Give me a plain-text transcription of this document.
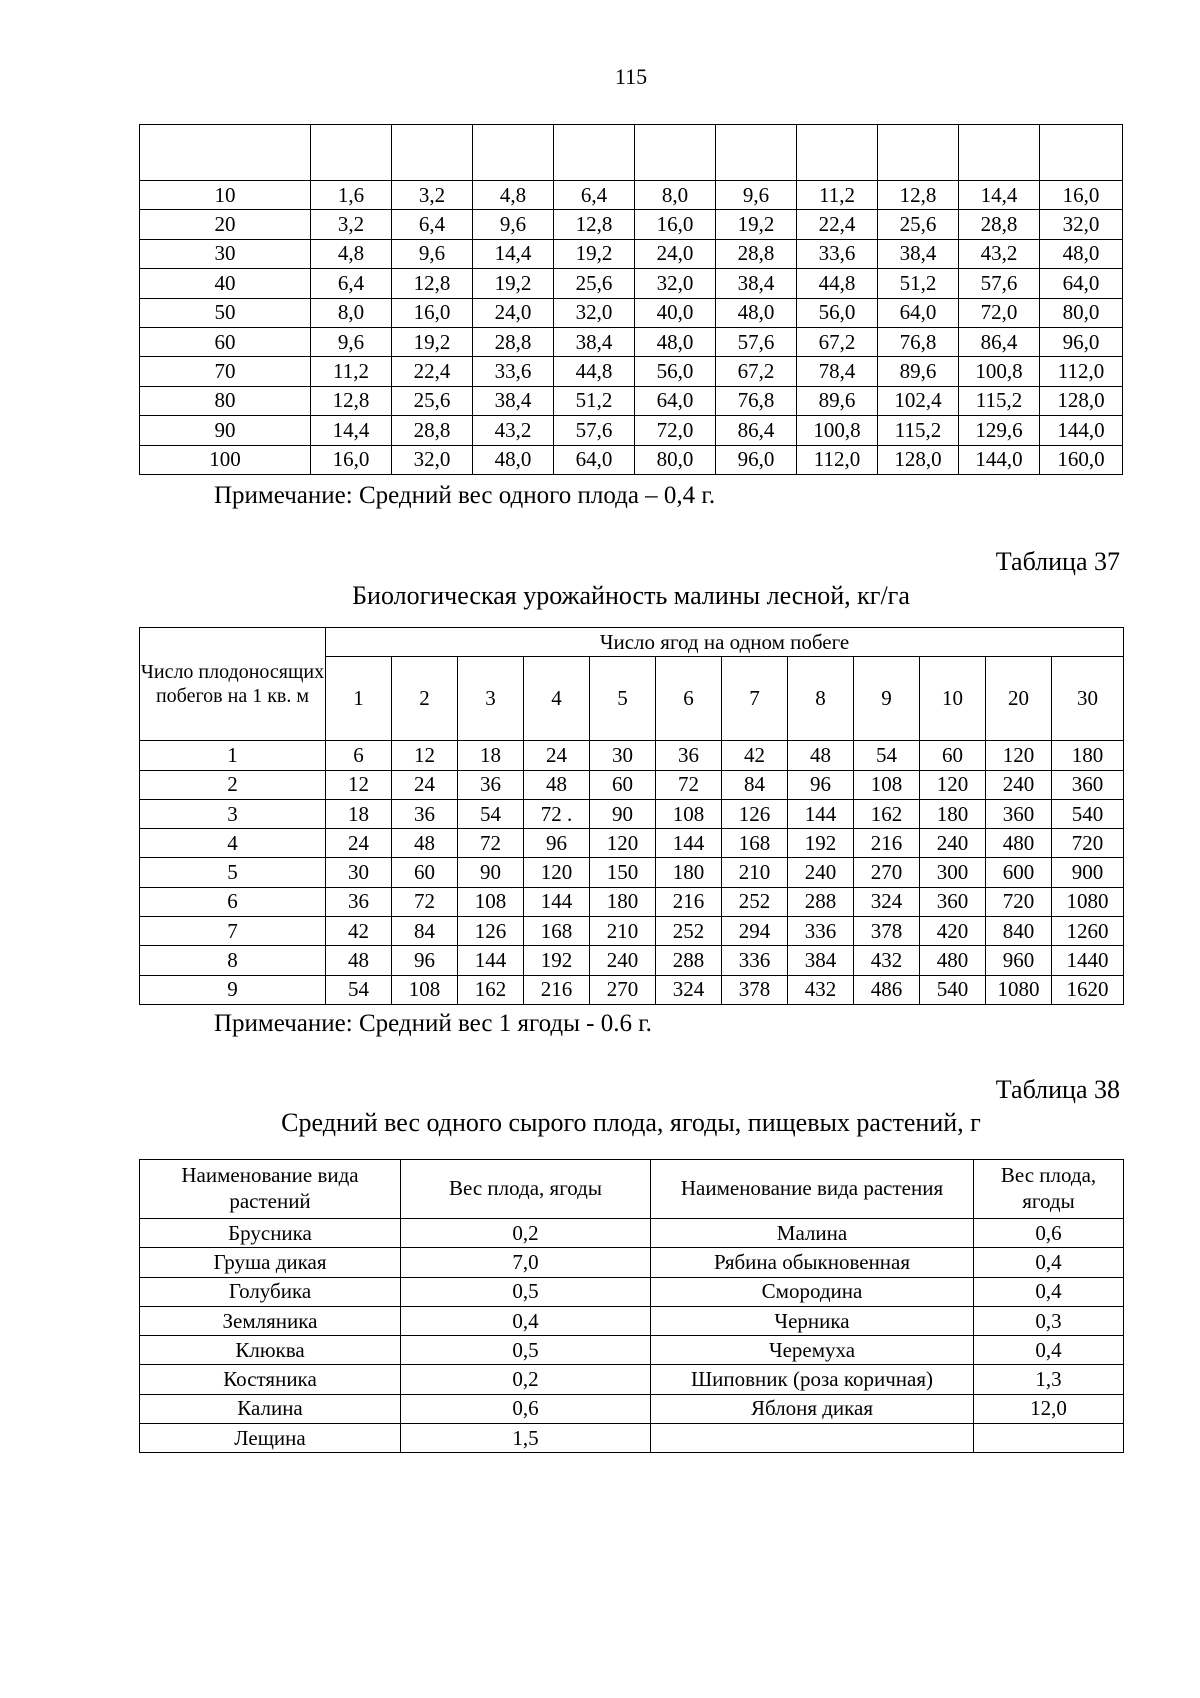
115

10	1,6	3,2	4,8	6,4	8,0	9,6	11,2	12,8	14,4	16,0
20	3,2	6,4	9,6	12,8	16,0	19,2	22,4	25,6	28,8	32,0
30	4,8	9,6	14,4	19,2	24,0	28,8	33,6	38,4	43,2	48,0
40	6,4	12,8	19,2	25,6	32,0	38,4	44,8	51,2	57,6	64,0
50	8,0	16,0	24,0	32,0	40,0	48,0	56,0	64,0	72,0	80,0
60	9,6	19,2	28,8	38,4	48,0	57,6	67,2	76,8	86,4	96,0
70	11,2	22,4	33,6	44,8	56,0	67,2	78,4	89,6	100,8	112,0
80	12,8	25,6	38,4	51,2	64,0	76,8	89,6	102,4	115,2	128,0
90	14,4	28,8	43,2	57,6	72,0	86,4	100,8	115,2	129,6	144,0
100	16,0	32,0	48,0	64,0	80,0	96,0	112,0	128,0	144,0	160,0
Примечание: Средний вес одного плода – 0,4 г.
Таблица 37
Биологическая урожайность малины лесной, кг/га
Число плодоносящих побегов на 1 кв. м	Число ягод на одном побеге											
	1	2	3	4	5	6	7	8	9	10	20	30
1	6	12	18	24	30	36	42	48	54	60	120	180
2	12	24	36	48	60	72	84	96	108	120	240	360
3	18	36	54	72 .	90	108	126	144	162	180	360	540
4	24	48	72	96	120	144	168	192	216	240	480	720
5	30	60	90	120	150	180	210	240	270	300	600	900
6	36	72	108	144	180	216	252	288	324	360	720	1080
7	42	84	126	168	210	252	294	336	378	420	840	1260
8	48	96	144	192	240	288	336	384	432	480	960	1440
9	54	108	162	216	270	324	378	432	486	540	1080	1620
Примечание: Средний вес 1 ягоды - 0.6 г.
Таблица 38
Средний вес одного сырого плода, ягоды, пищевых растений, г
Наименование вида растений	Вес плода, ягоды	Наименование вида растения	Вес плода, ягоды
Брусника	0,2	Малина	0,6
Груша дикая	7,0	Рябина обыкновенная	0,4
Голубика	0,5	Смородина	0,4
Земляника	0,4	Черника	0,3
Клюква	0,5	Черемуха	0,4
Костяника	0,2	Шиповник (роза коричная)	1,3
Калина	0,6	Яблоня дикая	12,0
Лещина	1,5		
